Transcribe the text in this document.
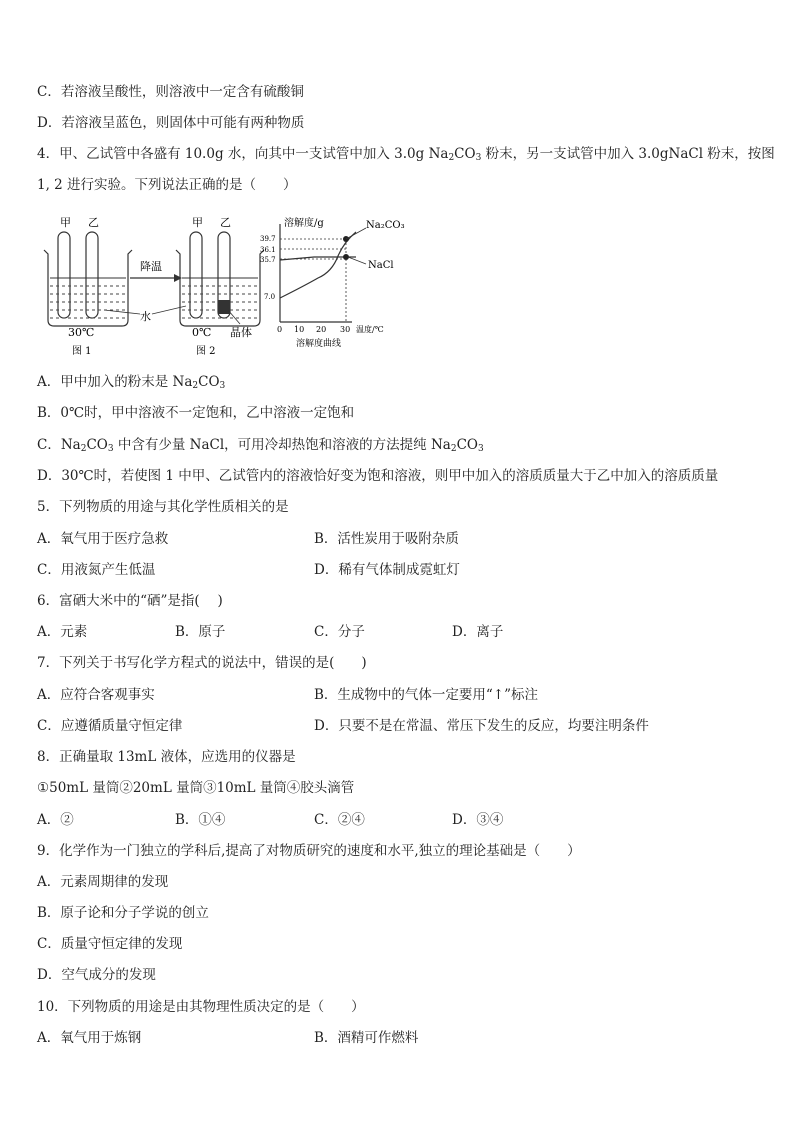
C．若溶液呈酸性，则溶液中一定含有硫酸铜
D．若溶液呈蓝色，则固体中可能有两种物质
4．甲、乙试管中各盛有 10.0g 水，向其中一支试管中加入 3.0g $Na_2CO_3$ 粉末，另一支试管中加入 3.0gNaCl 粉末，按图
1, 2 进行实验。下列说法正确的是（　　）
甲 乙
30℃
图 1
降温
甲 乙
0℃
图 2
水
晶体
溶解度/g
39.7
36.1
35.7
7.0
Na₂CO₃
NaCl
0 10 20 30 温度/℃
溶解度曲线
A．甲中加入的粉末是 $Na_2CO_3$
B．0℃时，甲中溶液不一定饱和，乙中溶液一定饱和
C．$Na_2CO_3$ 中含有少量 NaCl，可用冷却热饱和溶液的方法提纯 $Na_2CO_3$
D．30℃时，若使图 1 中甲、乙试管内的溶液恰好变为饱和溶液，则甲中加入的溶质质量大于乙中加入的溶质质量
5．下列物质的用途与其化学性质相关的是
A．氧气用于医疗急救	B．活性炭用于吸附杂质
C．用液氮产生低温	D．稀有气体制成霓虹灯
6．富硒大米中的“硒”是指(　 )
A．元素	B．原子	C．分子	D．离子
7．下列关于书写化学方程式的说法中，错误的是(　　)
A．应符合客观事实	B．生成物中的气体一定要用“↑”标注
C．应遵循质量守恒定律	D．只要不是在常温、常压下发生的反应，均要注明条件
8．正确量取 13mL 液体，应选用的仪器是
①50mL 量筒②20mL 量筒③10mL 量筒④胶头滴管
A．②	B．①④	C．②④	D．③④
9．化学作为一门独立的学科后,提高了对物质研究的速度和水平,独立的理论基础是（　　）
A．元素周期律的发现
B．原子论和分子学说的创立
C．质量守恒定律的发现
D．空气成分的发现
10．下列物质的用途是由其物理性质决定的是（　　）
A．氧气用于炼钢	B．酒精可作燃料
